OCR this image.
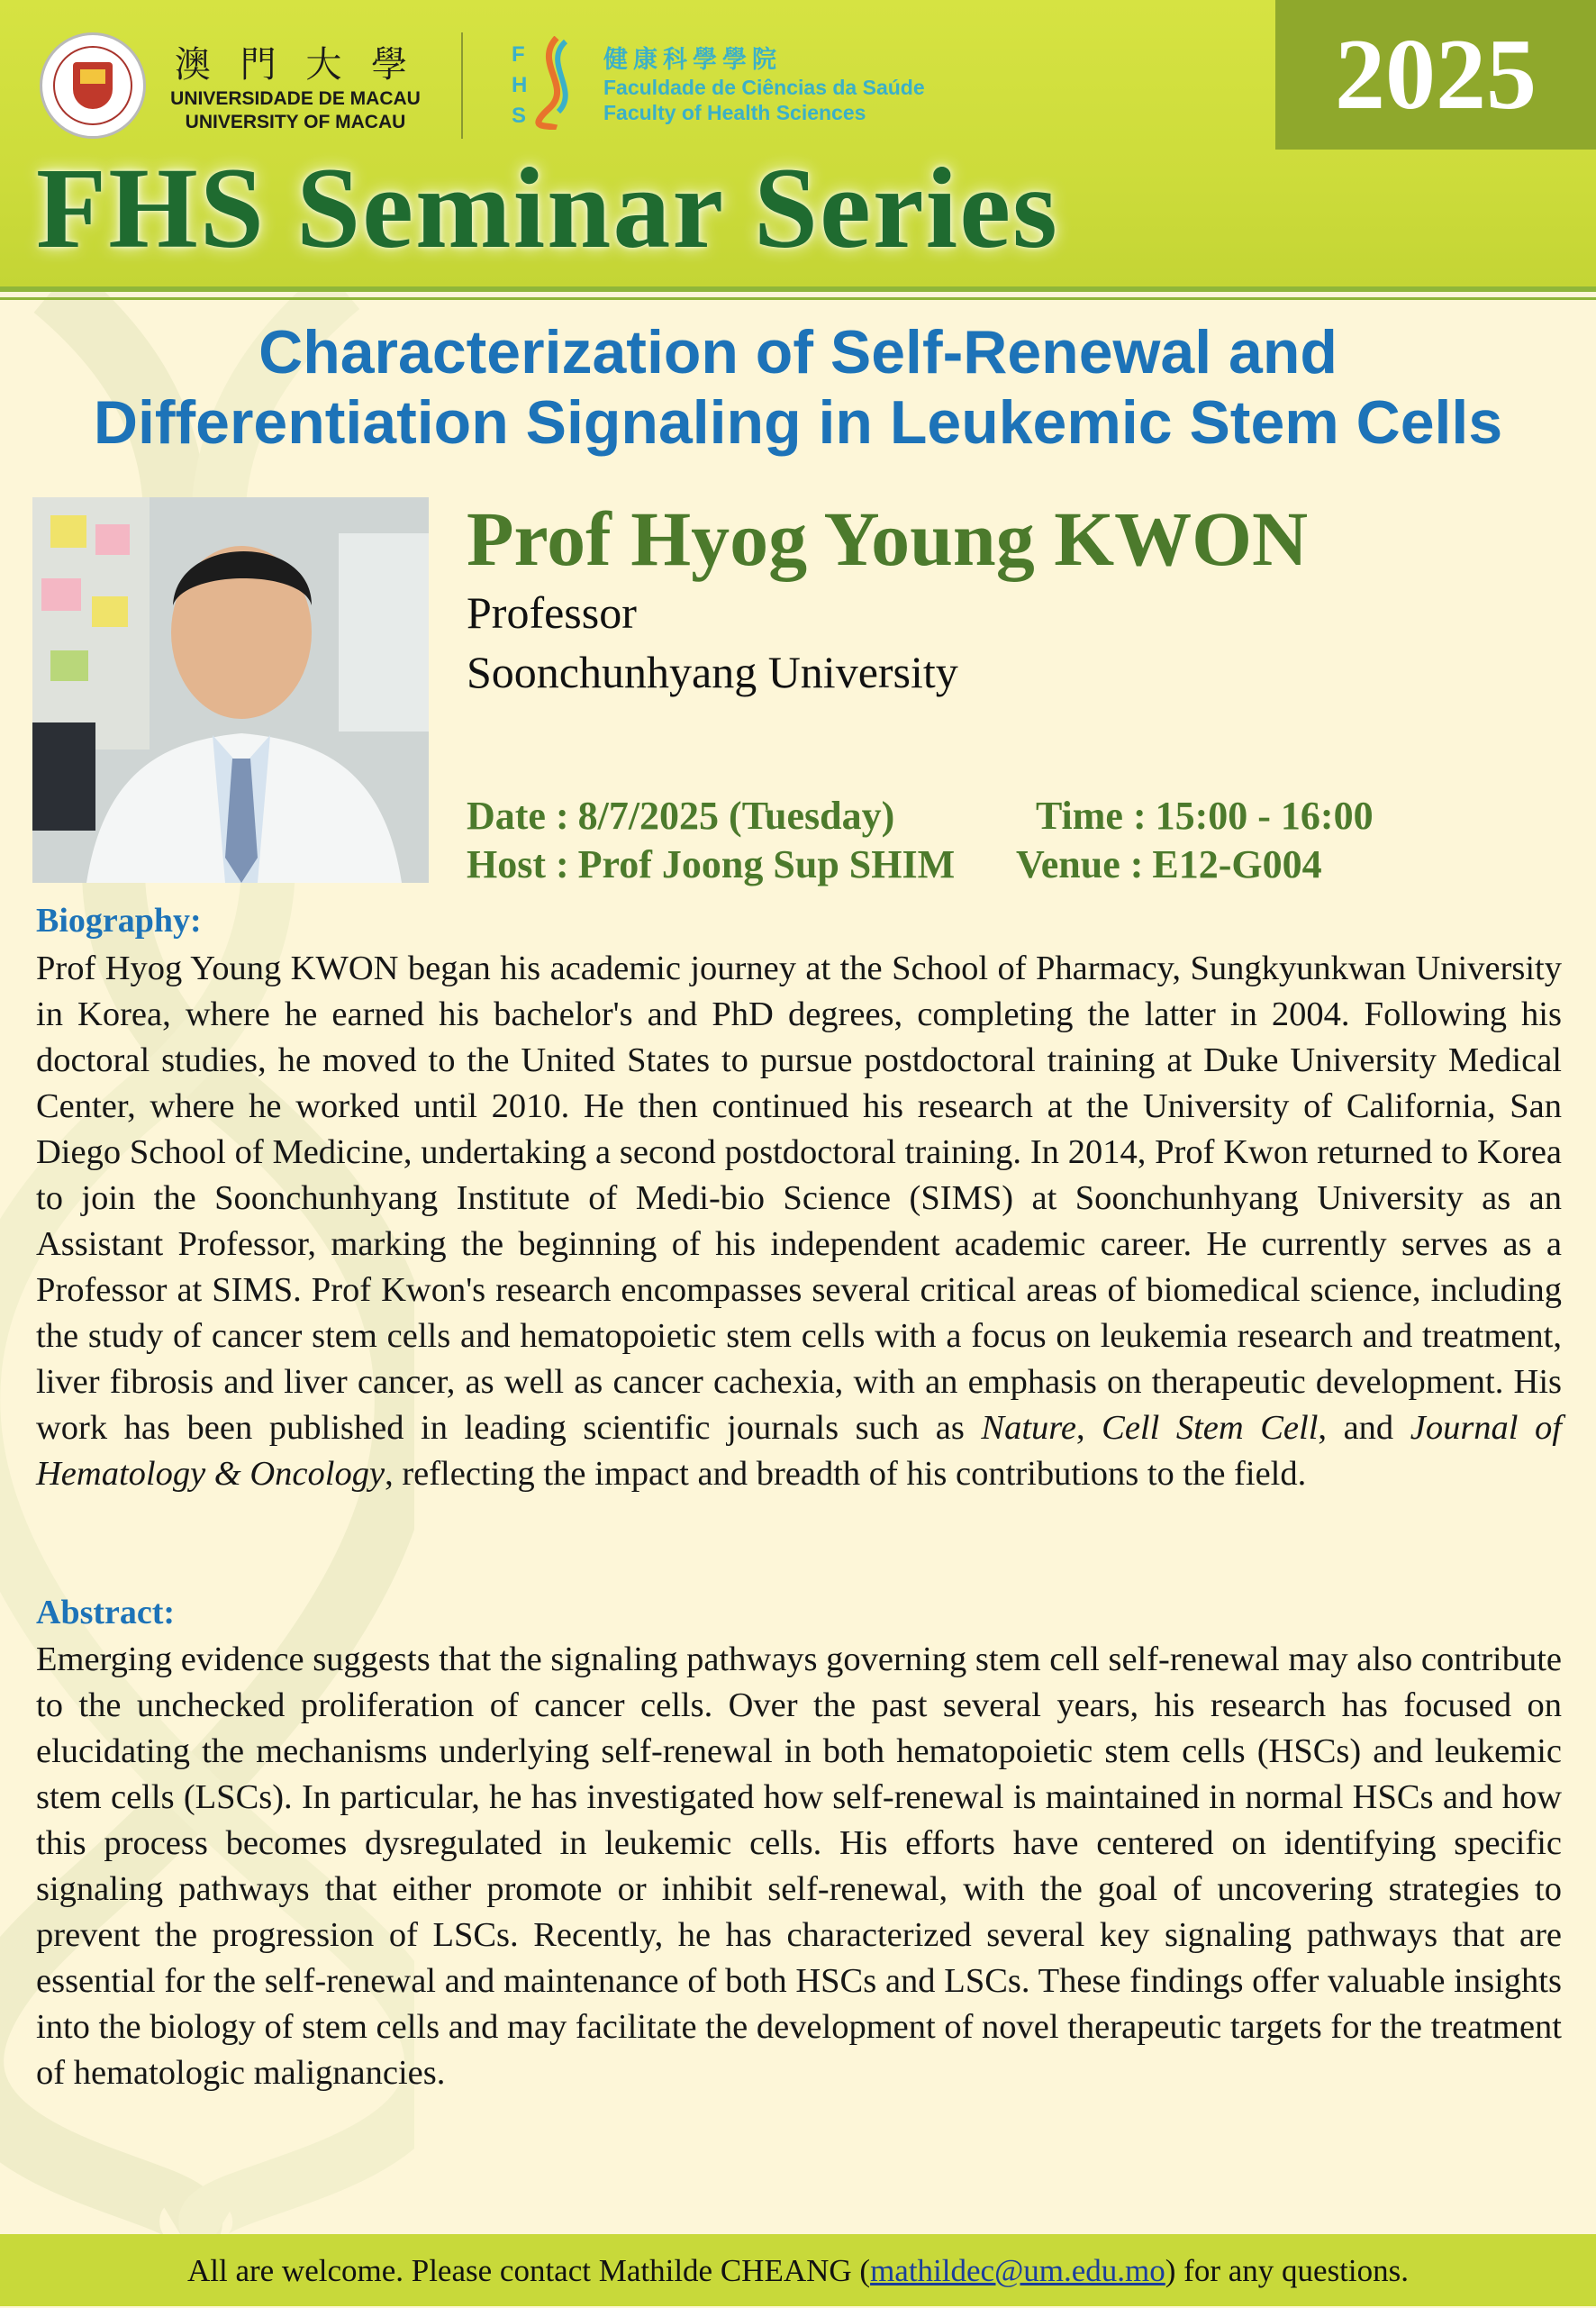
澳 門 大 學
UNIVERSIDADE DE MACAU
UNIVERSITY OF MACAU
F
H
S
健康科學學院
Faculdade de Ciências da Saúde
Faculty of Health Sciences	2025
FHS Seminar Series
Characterization of Self-Renewal and
Differentiation Signaling in Leukemic Stem Cells
Prof Hyog Young KWON
Professor
Soonchunhyang University
Date : 8/7/2025 (Tuesday)	Time : 15:00 - 16:00
Host : Prof Joong Sup SHIM Venue : E12-G004
Biography:
Prof Hyog Young KWON began his academic journey at the School of Pharmacy, Sungkyunkwan University in Korea, where he earned his bachelor's and PhD degrees, completing the latter in 2004. Following his doctoral studies, he moved to the United States to pursue postdoctoral training at Duke University Medical Center, where he worked until 2010. He then continued his research at the University of California, San Diego School of Medicine, undertaking a second postdoctoral training. In 2014, Prof Kwon returned to Korea to join the Soonchunhyang Institute of Medi-bio Science (SIMS) at Soonchunhyang University as an Assistant Professor, marking the beginning of his independent academic career. He currently serves as a Professor at SIMS. Prof Kwon's research encompasses several critical areas of biomedical science, including the study of cancer stem cells and hematopoietic stem cells with a focus on leukemia research and treatment, liver fibrosis and liver cancer, as well as cancer cachexia, with an emphasis on therapeutic development. His work has been published in leading scientific journals such as Nature, Cell Stem Cell, and Journal of Hematology & Oncology, reflecting the impact and breadth of his contributions to the field.
Abstract:
Emerging evidence suggests that the signaling pathways governing stem cell self-renewal may also contribute to the unchecked proliferation of cancer cells. Over the past several years, his research has focused on elucidating the mechanisms underlying self-renewal in both hematopoietic stem cells (HSCs) and leukemic stem cells (LSCs). In particular, he has investigated how self-renewal is maintained in normal HSCs and how this process becomes dysregulated in leukemic cells. His efforts have centered on identifying specific signaling pathways that either promote or inhibit self-renewal, with the goal of uncovering strategies to prevent the progression of LSCs. Recently, he has characterized several key signaling pathways that are essential for the self-renewal and maintenance of both HSCs and LSCs. These findings offer valuable insights into the biology of stem cells and may facilitate the development of novel therapeutic targets for the treatment of hematologic malignancies.
All are welcome. Please contact Mathilde CHEANG (mathildec@um.edu.mo) for any questions.
